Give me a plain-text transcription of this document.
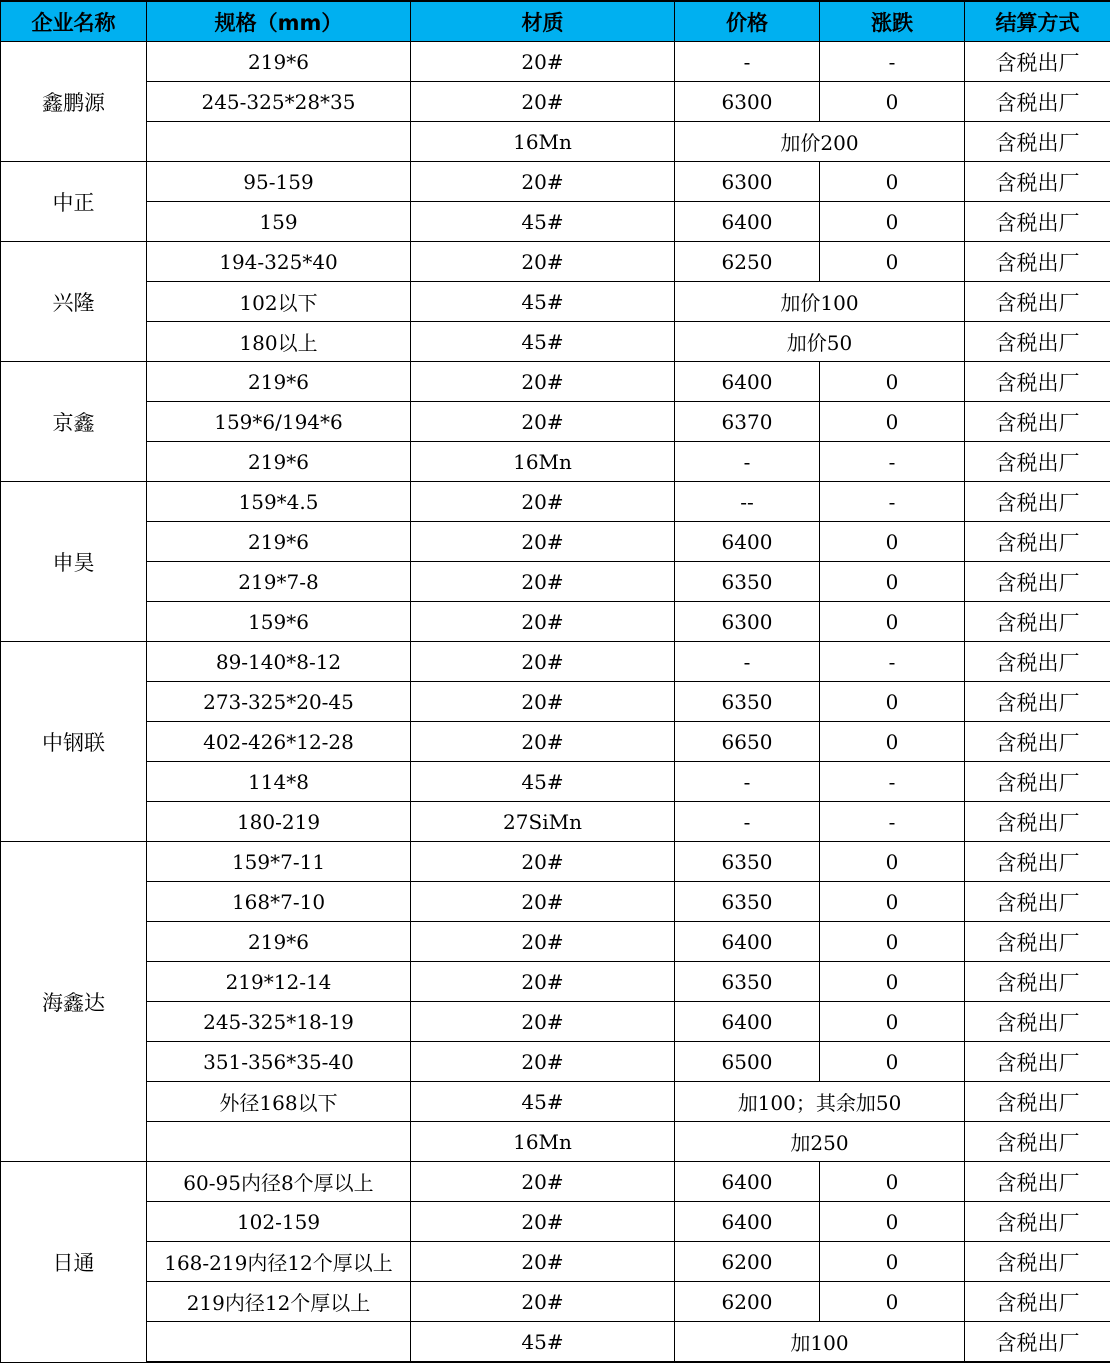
企业名称	规格（mm）	材质	价格	涨跌	结算方式
鑫鹏源	219*6	20#	-	-	含税出厂
	245-325*28*35	20#	6300	0	含税出厂
		16Mn	加价200		含税出厂
中正	95-159	20#	6300	0	含税出厂
	159	45#	6400	0	含税出厂
兴隆	194-325*40	20#	6250	0	含税出厂
	102以下	45#	加价100		含税出厂
	180以上	45#	加价50		含税出厂
京鑫	219*6	20#	6400	0	含税出厂
	159*6/194*6	20#	6370	0	含税出厂
	219*6	16Mn	-	-	含税出厂
申昊	159*4.5	20#	--	-	含税出厂
	219*6	20#	6400	0	含税出厂
	219*7-8	20#	6350	0	含税出厂
	159*6	20#	6300	0	含税出厂
中钢联	89-140*8-12	20#	-	-	含税出厂
	273-325*20-45	20#	6350	0	含税出厂
	402-426*12-28	20#	6650	0	含税出厂
	114*8	45#	-	-	含税出厂
	180-219	27SiMn	-	-	含税出厂
海鑫达	159*7-11	20#	6350	0	含税出厂
	168*7-10	20#	6350	0	含税出厂
	219*6	20#	6400	0	含税出厂
	219*12-14	20#	6350	0	含税出厂
	245-325*18-19	20#	6400	0	含税出厂
	351-356*35-40	20#	6500	0	含税出厂
	外径168以下	45#	加100；其余加50		含税出厂
		16Mn	加250		含税出厂
日通	60-95内径8个厚以上	20#	6400	0	含税出厂
	102-159	20#	6400	0	含税出厂
	168-219内径12个厚以上	20#	6200	0	含税出厂
	219内径12个厚以上	20#	6200	0	含税出厂
		45#	加100		含税出厂
